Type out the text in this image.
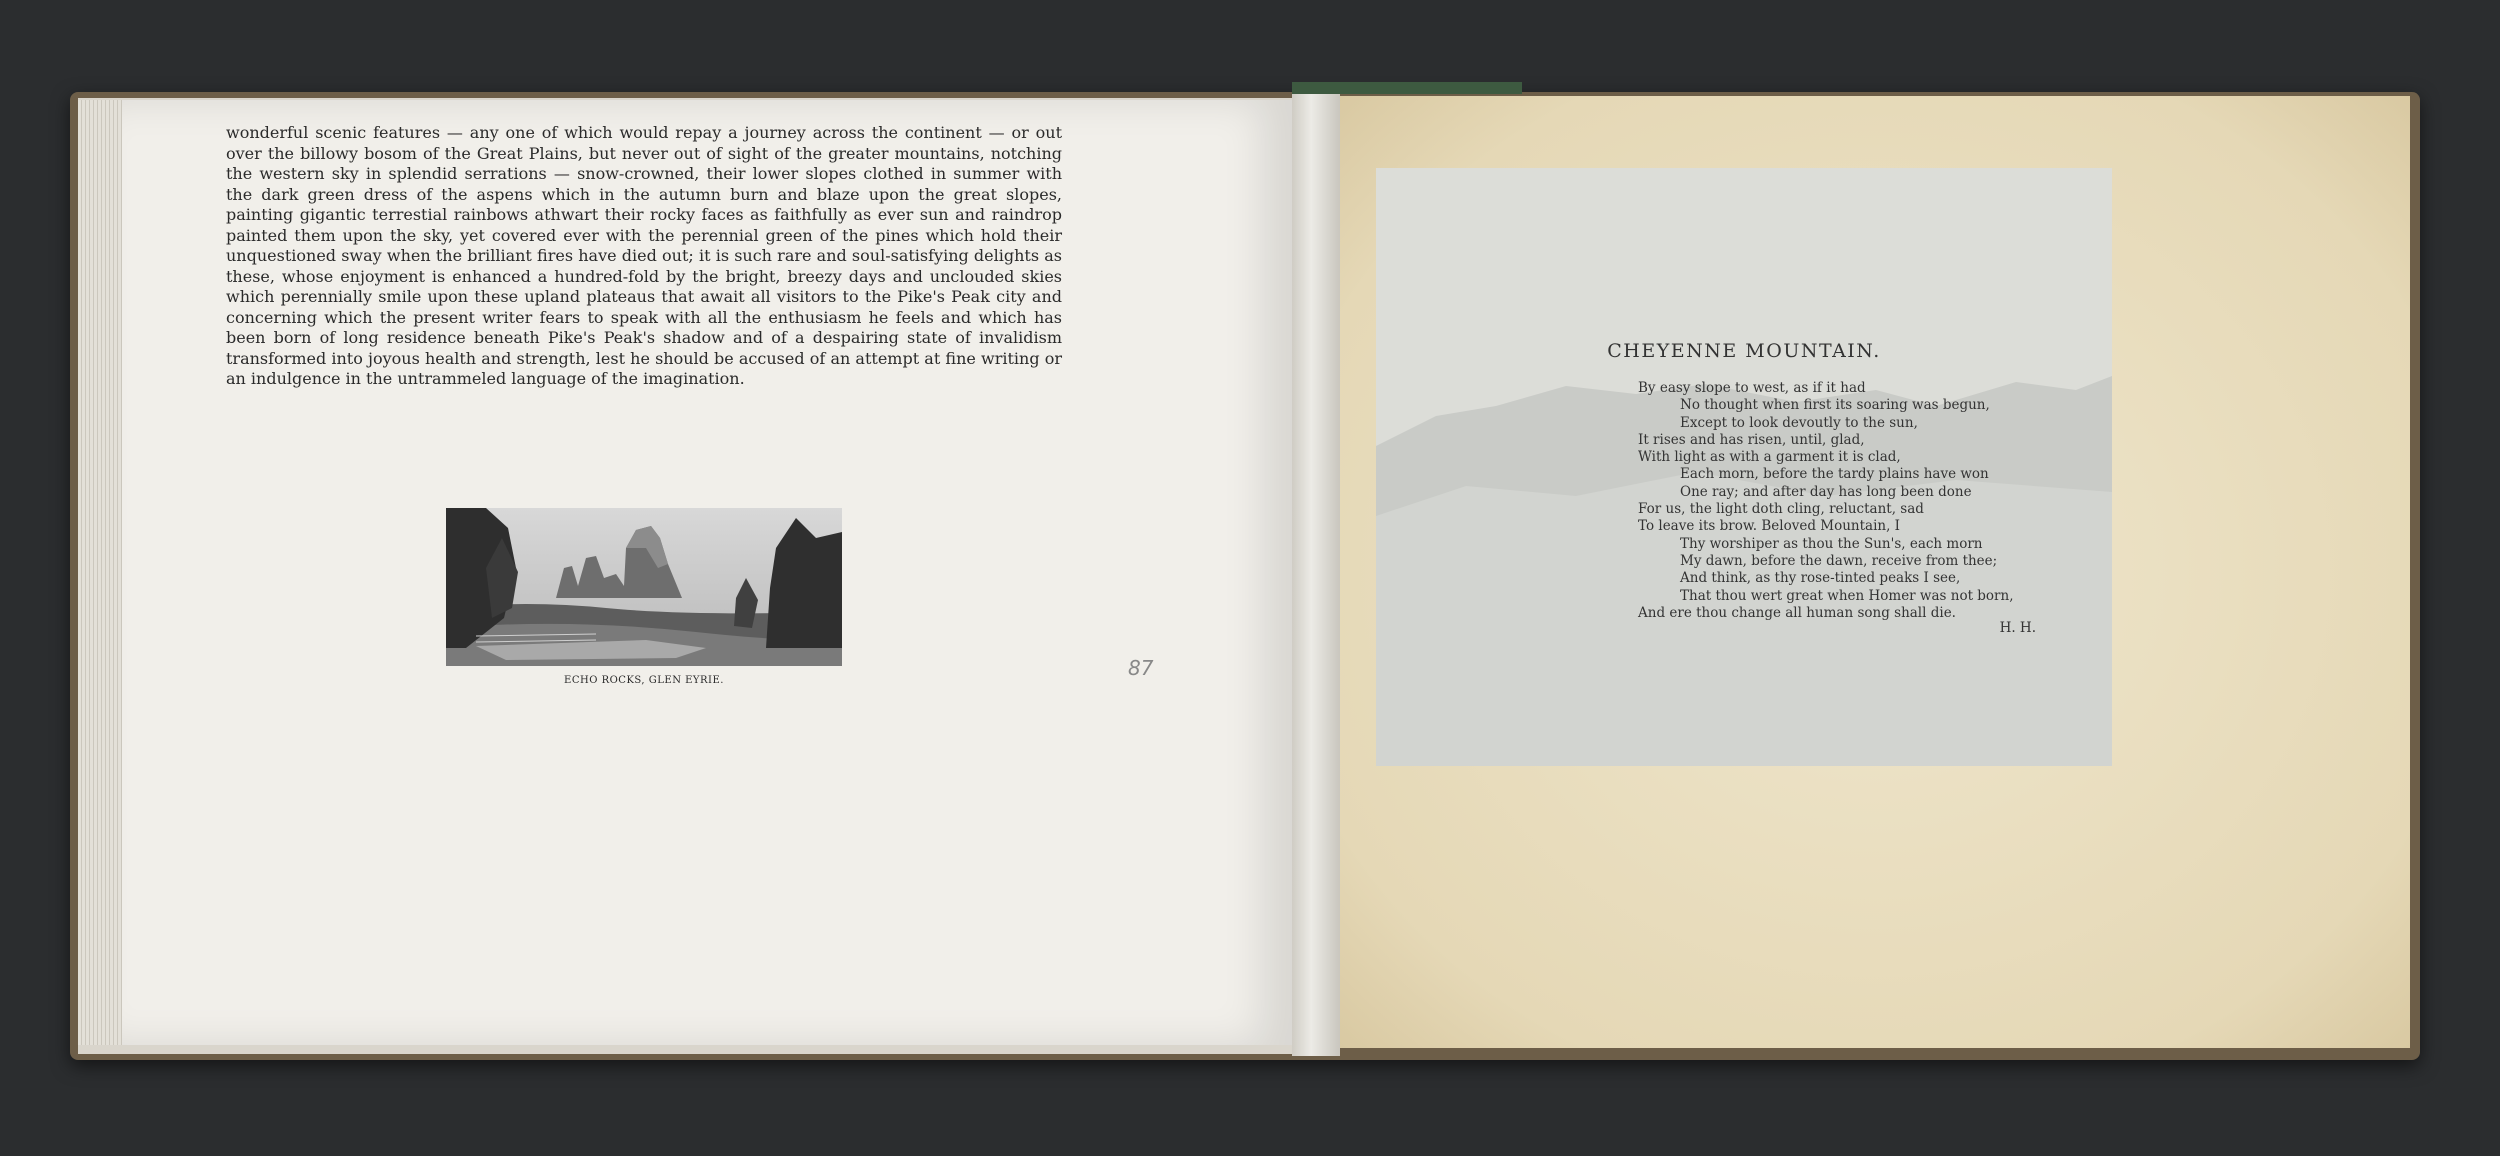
wonderful scenic features — any one of which would repay a journey across the continent — or out over the billowy bosom of the Great Plains, but never out of sight of the greater mountains, notching the western sky in splendid serrations — snow-crowned, their lower slopes clothed in summer with the dark green dress of the aspens which in the autumn burn and blaze upon the great slopes, painting gigantic terrestial rainbows athwart their rocky faces as faithfully as ever sun and raindrop painted them upon the sky, yet covered ever with the perennial green of the pines which hold their unquestioned sway when the brilliant fires have died out; it is such rare and soul-satisfying delights as these, whose enjoyment is enhanced a hundred-fold by the bright, breezy days and unclouded skies which perennially smile upon these upland plateaus that await all visitors to the Pike's Peak city and concerning which the present writer fears to speak with all the enthusiasm he feels and which has been born of long residence beneath Pike's Peak's shadow and of a despairing state of invalidism transformed into joyous health and strength, lest he should be accused of an attempt at fine writing or an indulgence in the untrammeled language of the imagination.
ECHO ROCKS, GLEN EYRIE.
87
CHEYENNE MOUNTAIN.
By easy slope to west, as if it had
No thought when first its soaring was begun,
Except to look devoutly to the sun,
It rises and has risen, until, glad,
With light as with a garment it is clad,
Each morn, before the tardy plains have won
One ray; and after day has long been done
For us, the light doth cling, reluctant, sad
To leave its brow. Beloved Mountain, I
Thy worshiper as thou the Sun's, each morn
My dawn, before the dawn, receive from thee;
And think, as thy rose-tinted peaks I see,
That thou wert great when Homer was not born,
And ere thou change all human song shall die.
H. H.
